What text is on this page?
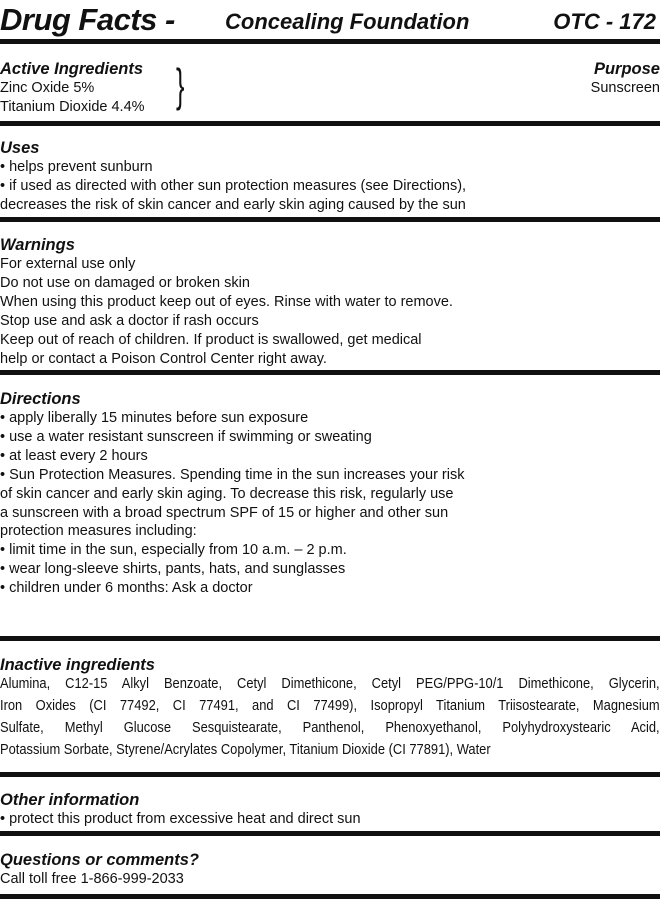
Drug Facts - Concealing Foundation	OTC - 172
Active Ingredients
Zinc Oxide 5%
Titanium Dioxide 4.4% }	Purpose
Sunscreen
Uses
• helps prevent sunburn
• if used as directed with other sun protection measures (see Directions),
decreases the risk of skin cancer and early skin aging caused by the sun
Warnings
For external use only
Do not use on damaged or broken skin
When using this product keep out of eyes. Rinse with water to remove.
Stop use and ask a doctor if rash occurs
Keep out of reach of children. If product is swallowed, get medical
help or contact a Poison Control Center right away.
Directions
• apply liberally 15 minutes before sun exposure
• use a water resistant sunscreen if swimming or sweating
• at least every 2 hours
• Sun Protection Measures. Spending time in the sun increases your risk
of skin cancer and early skin aging. To decrease this risk, regularly use
a sunscreen with a broad spectrum SPF of 15 or higher and other sun
protection measures including:
• limit time in the sun, especially from 10 a.m. – 2 p.m.
• wear long-sleeve shirts, pants, hats, and sunglasses
• children under 6 months: Ask a doctor
Inactive ingredients
Alumina, C12-15 Alkyl Benzoate, Cetyl Dimethicone, Cetyl PEG/PPG-10/1 Dimethicone, Glycerin,
Iron Oxides (CI 77492, CI 77491, and CI 77499), Isopropyl Titanium Triisostearate, Magnesium
Sulfate, Methyl Glucose Sesquistearate, Panthenol, Phenoxyethanol, Polyhydroxystearic Acid,
Potassium Sorbate, Styrene/Acrylates Copolymer, Titanium Dioxide (CI 77891), Water
Other information
• protect this product from excessive heat and direct sun
Questions or comments?
Call toll free 1-866-999-2033
